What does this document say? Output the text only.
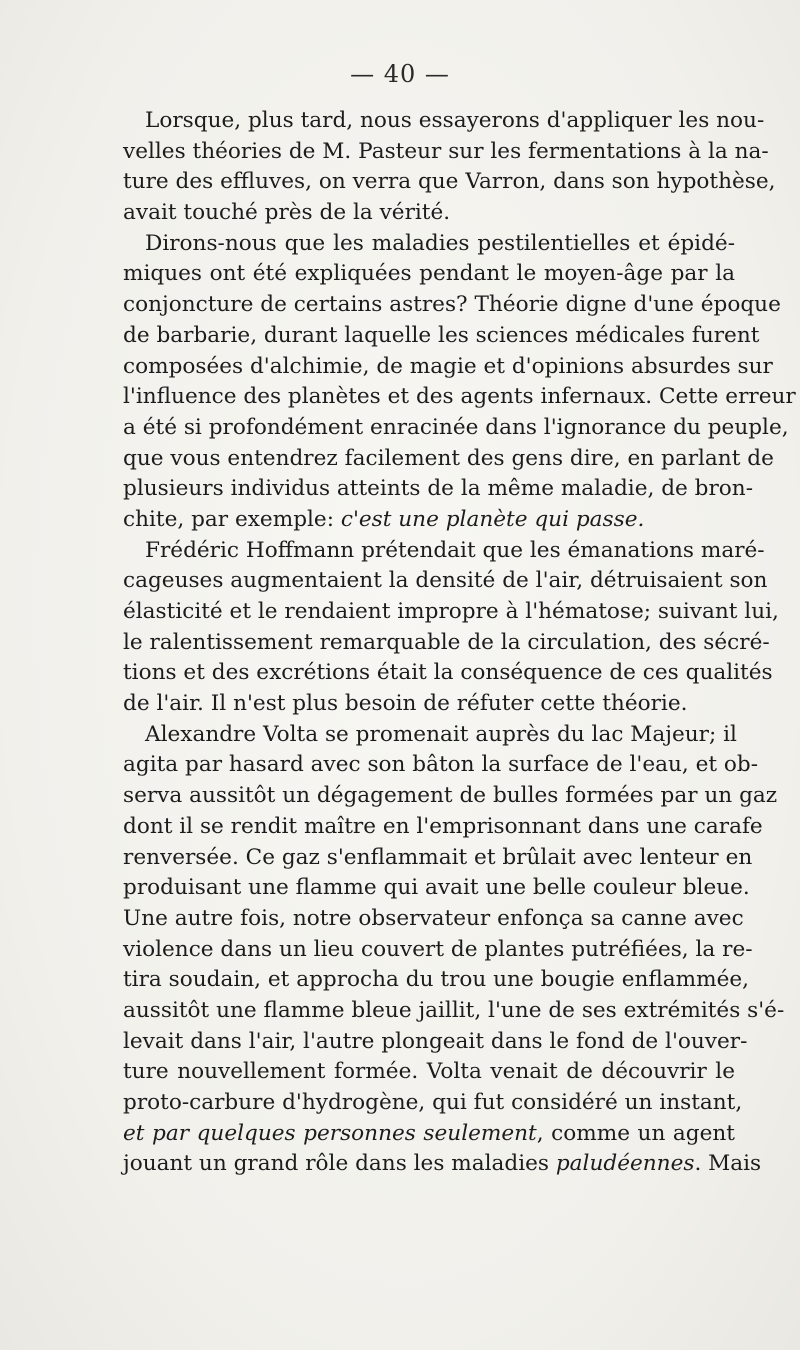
— 40 —
Lorsque, plus tard, nous essayerons d'appliquer les nou-
velles théories de M. Pasteur sur les fermentations à la na-
ture des effluves, on verra que Varron, dans son hypothèse,
avait touché près de la vérité.
Dirons-nous que les maladies pestilentielles et épidé-
miques ont été expliquées pendant le moyen-âge par la
conjoncture de certains astres? Théorie digne d'une époque
de barbarie, durant laquelle les sciences médicales furent
composées d'alchimie, de magie et d'opinions absurdes sur
l'influence des planètes et des agents infernaux. Cette erreur
a été si profondément enracinée dans l'ignorance du peuple,
que vous entendrez facilement des gens dire, en parlant de
plusieurs individus atteints de la même maladie, de bron-
chite, par exemple: c'est une planète qui passe.
Frédéric Hoffmann prétendait que les émanations maré-
cageuses augmentaient la densité de l'air, détruisaient son
élasticité et le rendaient impropre à l'hématose; suivant lui,
le ralentissement remarquable de la circulation, des sécré-
tions et des excrétions était la conséquence de ces qualités
de l'air. Il n'est plus besoin de réfuter cette théorie.
Alexandre Volta se promenait auprès du lac Majeur; il
agita par hasard avec son bâton la surface de l'eau, et ob-
serva aussitôt un dégagement de bulles formées par un gaz
dont il se rendit maître en l'emprisonnant dans une carafe
renversée. Ce gaz s'enflammait et brûlait avec lenteur en
produisant une flamme qui avait une belle couleur bleue.
Une autre fois, notre observateur enfonça sa canne avec
violence dans un lieu couvert de plantes putréfiées, la re-
tira soudain, et approcha du trou une bougie enflammée,
aussitôt une flamme bleue jaillit, l'une de ses extrémités s'é-
levait dans l'air, l'autre plongeait dans le fond de l'ouver-
ture nouvellement formée. Volta venait de découvrir le
proto-carbure d'hydrogène, qui fut considéré un instant,
et par quelques personnes seulement, comme un agent
jouant un grand rôle dans les maladies paludéennes. Mais
